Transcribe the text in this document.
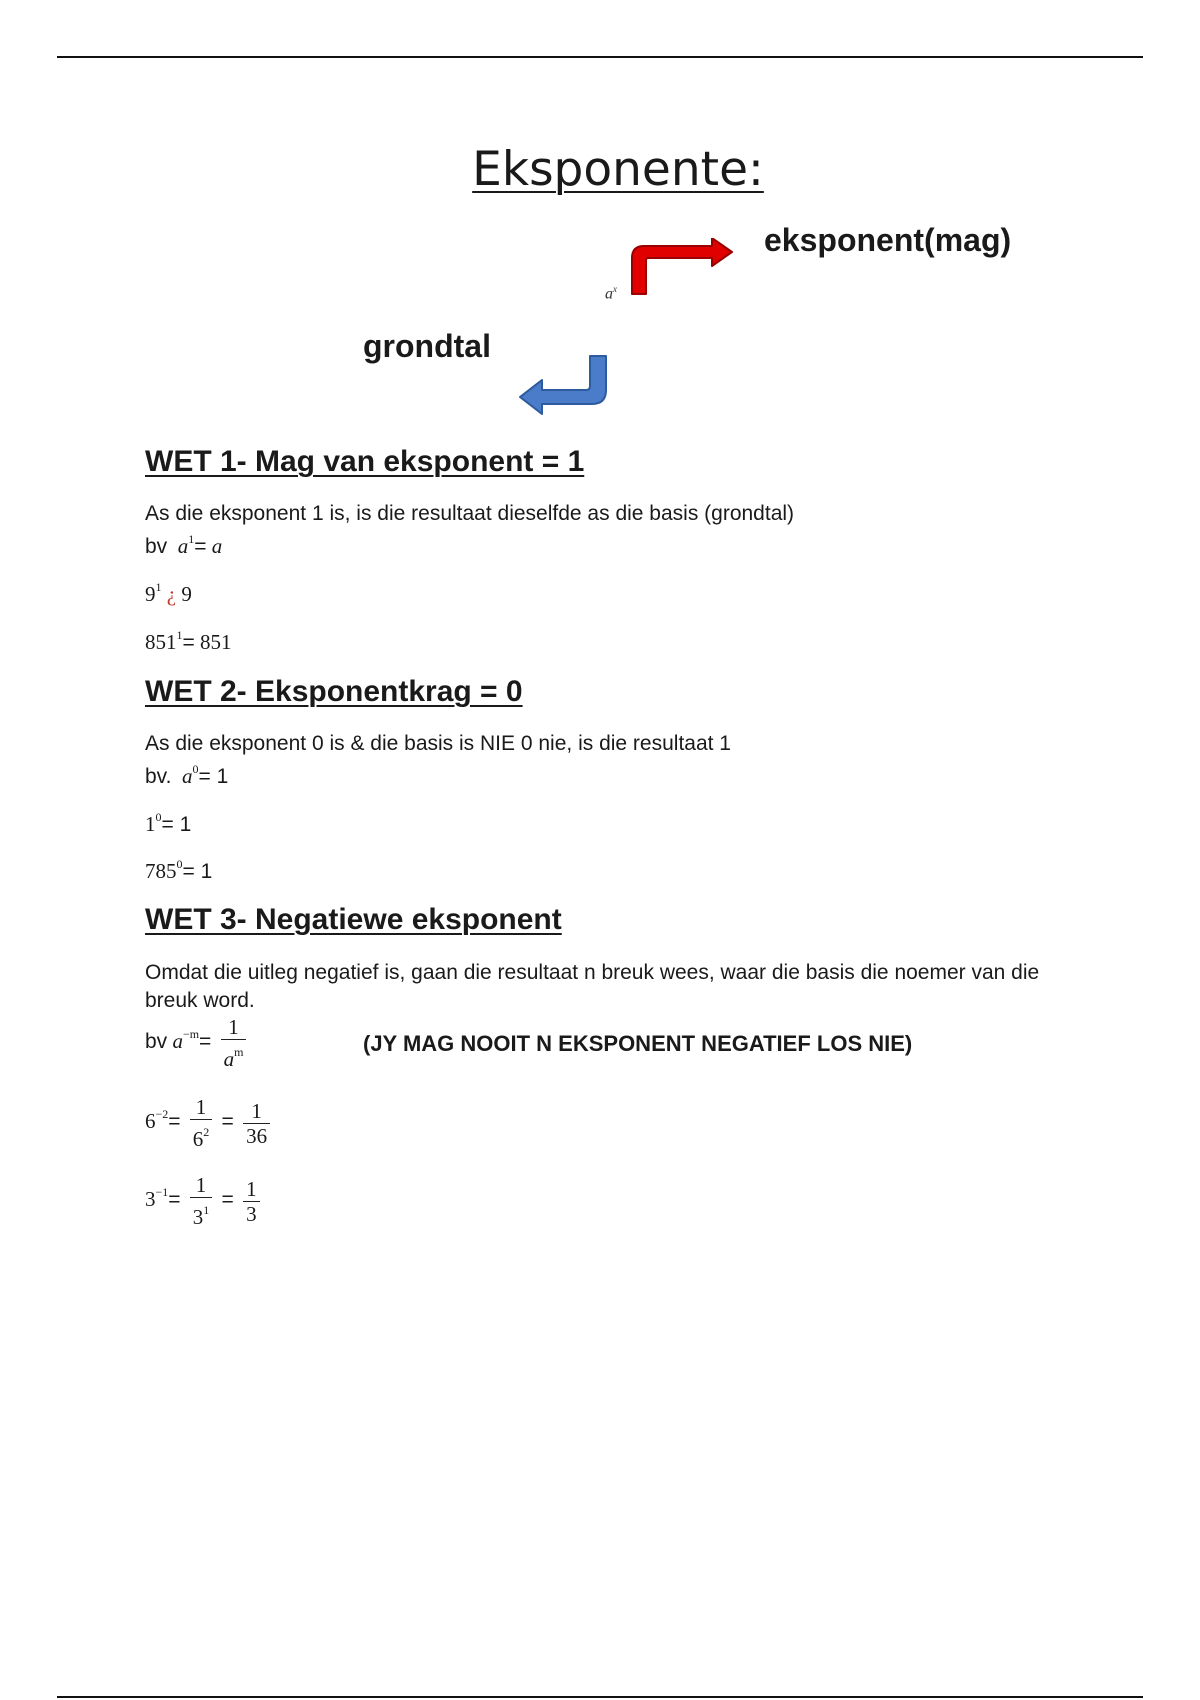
Eksponente:
eksponent(mag)
$a^x$
grondtal
WET 1- Mag van eksponent = 1
As die eksponent 1 is, is die resultaat dieselfde as die basis (grondtal)
bv $a^1= a$
$9^1$ ¿ 9
$851^1= 851$
WET 2- Eksponentkrag = 0
As die eksponent 0 is & die basis is NIE 0 nie, is die resultaat 1
bv. $a^0= 1$
$1^0= 1$
$785^0= 1$
WET 3- Negatiewe eksponent
Omdat die uitleg negatief is, gaan die resultaat n breuk wees, waar die basis die noemer van die breuk word.
bv $a^{-m}= \frac{1}{a^m}$	(JY MAG NOOIT N EKSPONENT NEGATIEF LOS NIE)
$6^{-2}= \frac{1}{6^2} = \frac{1}{36}$
$3^{-1}= \frac{1}{3^1} = \frac{1}{3}$
